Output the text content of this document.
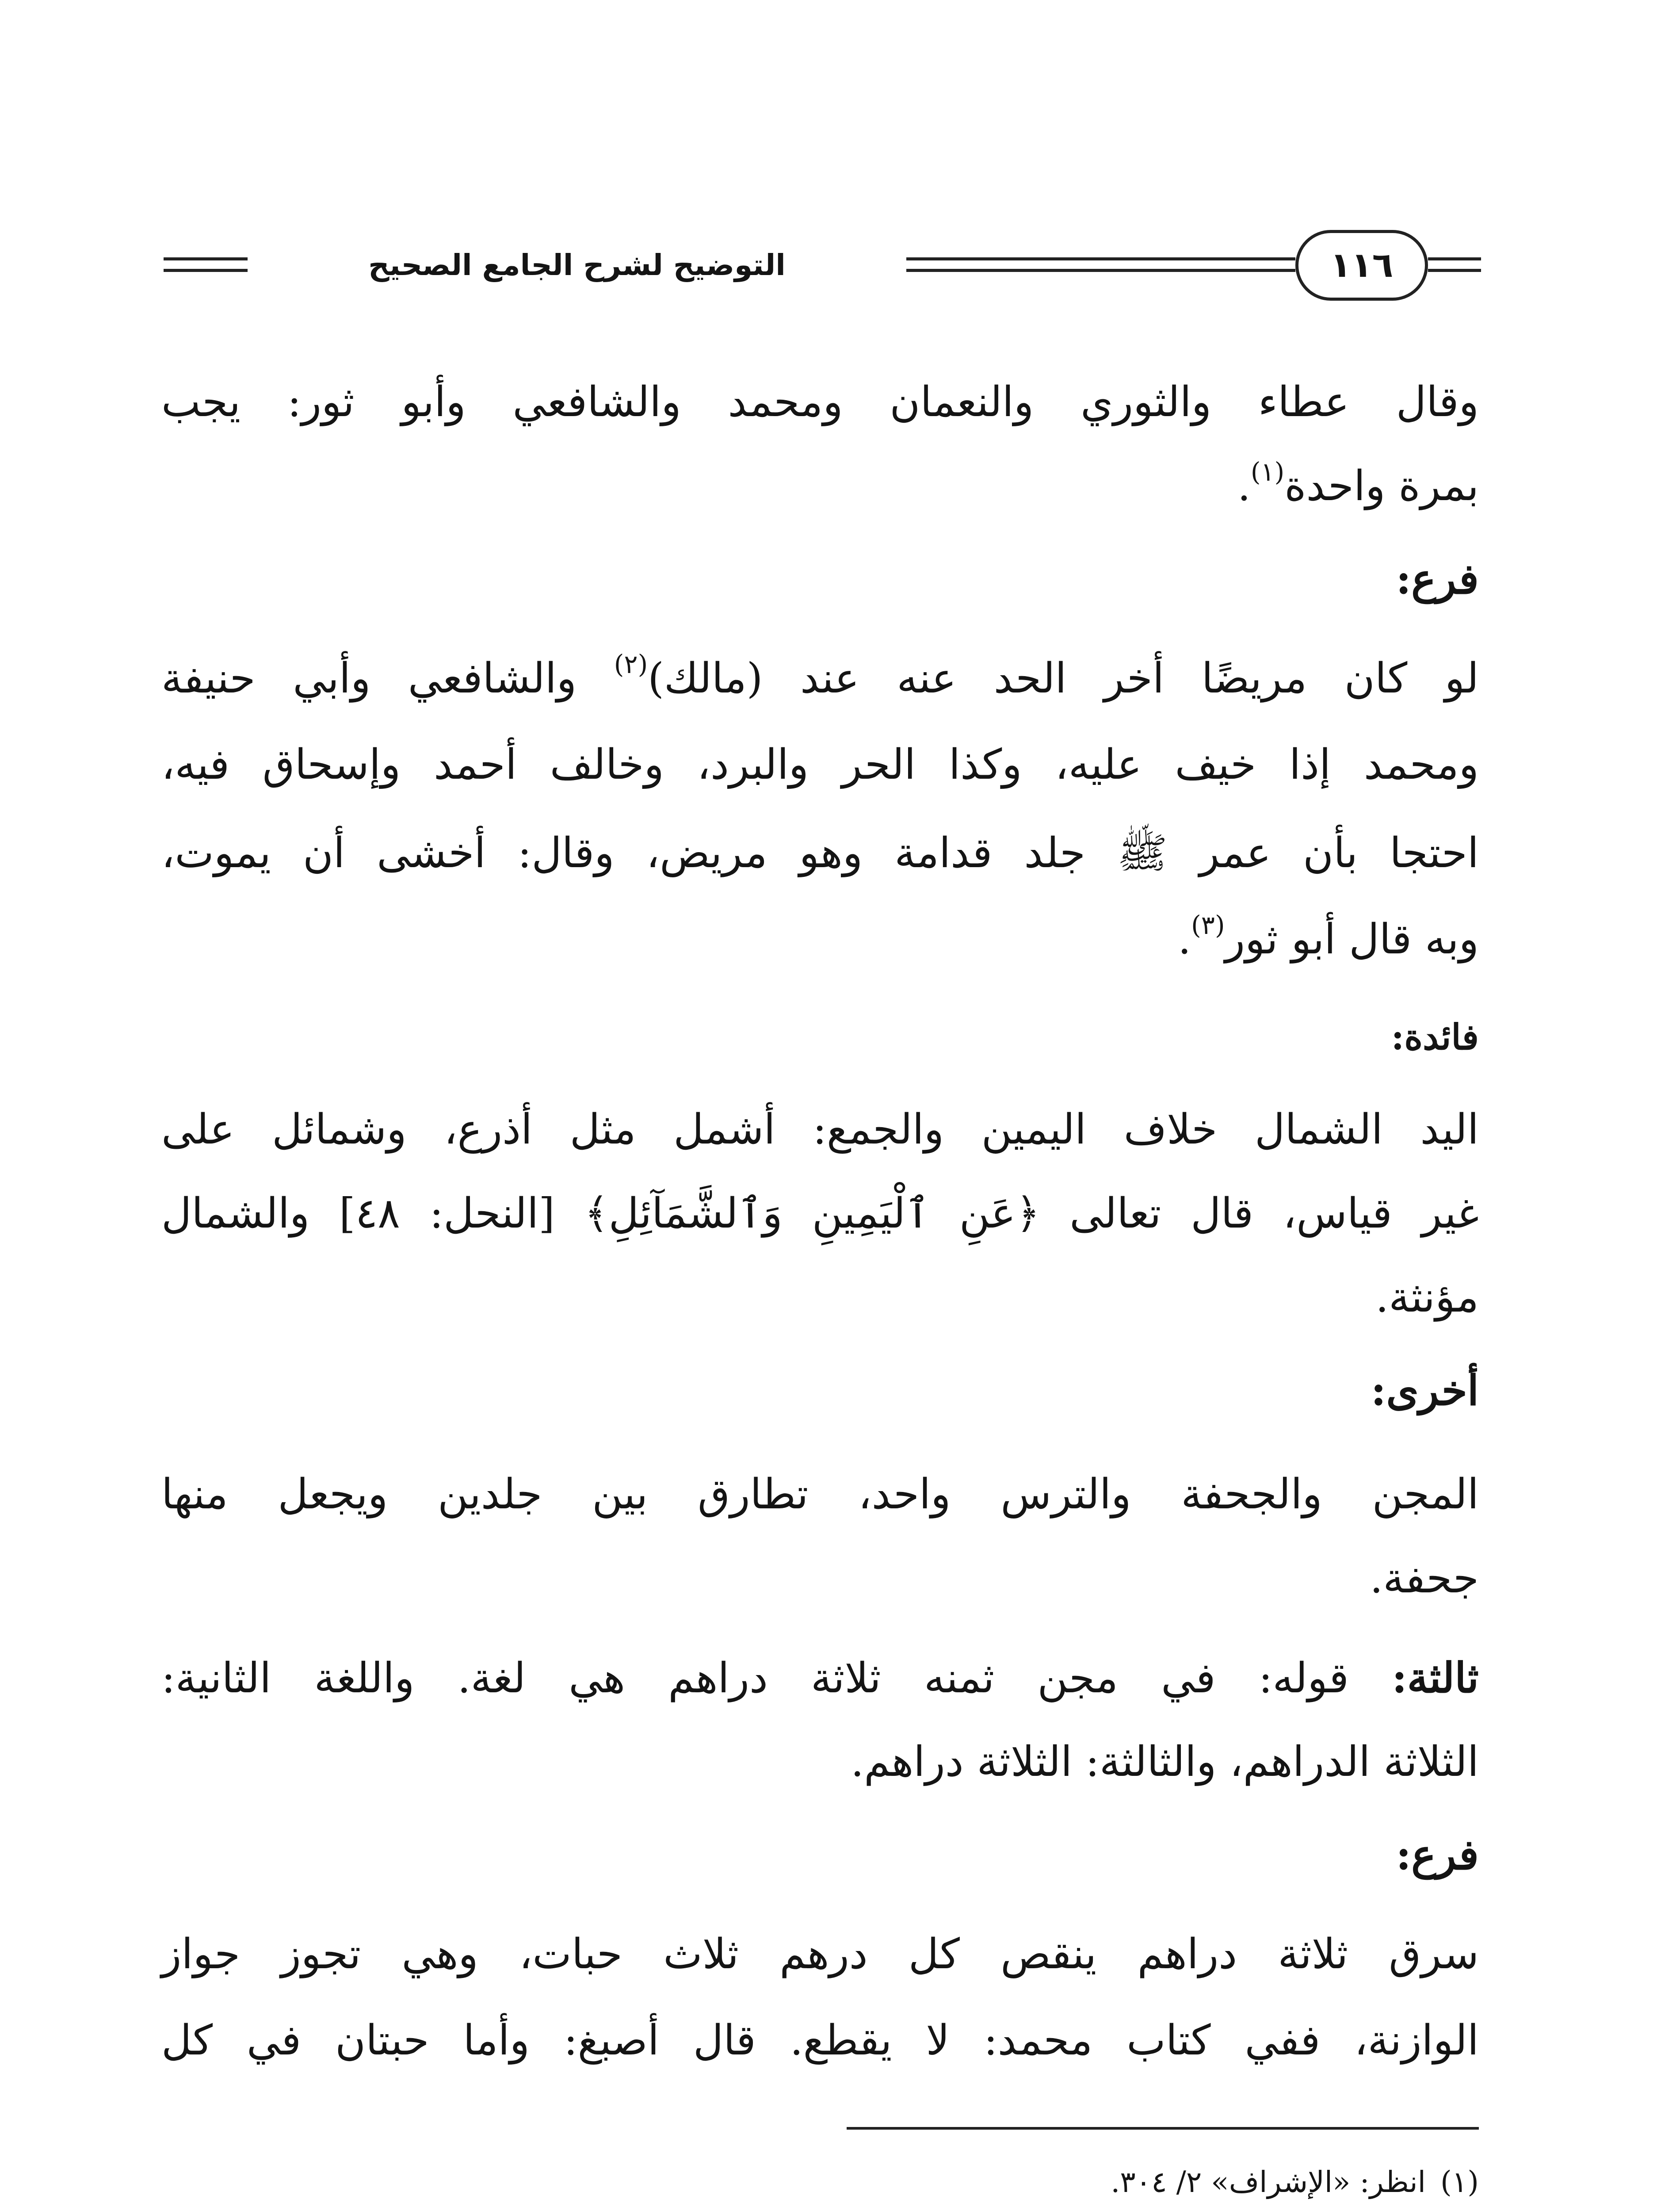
التوضيح لشرح الجامع الصحيح	١١٦
وقال عطاء والثوري والنعمان ومحمد والشافعي وأبو ثور: يجب
بمرة واحدة$^{(١)}$.
فرع:
لو كان مريضًا أخر الحد عنه عند (مالك)$^{(٢)}$ والشافعي وأبي حنيفة
ومحمد إذا خيف عليه، وكذا الحر والبرد، وخالف أحمد وإسحاق فيه،
احتجا بأن عمر ﷺ جلد قدامة وهو مريض، وقال: أخشى أن يموت،
وبه قال أبو ثور$^{(٣)}$.
فائدة:
اليد الشمال خلاف اليمين والجمع: أشمل مثل أذرع، وشمائل على
غير قياس، قال تعالى ﴿عَنِ ٱلْيَمِينِ وَٱلشَّمَآئِلِ﴾ [النحل: ٤٨] والشمال
مؤنثة.
أخرى:
المجن والجحفة والترس واحد، تطارق بين جلدين ويجعل منها
جحفة.
ثالثة: قوله: في مجن ثمنه ثلاثة دراهم هي لغة. واللغة الثانية:
الثلاثة الدراهم، والثالثة: الثلاثة دراهم.
فرع:
سرق ثلاثة دراهم ينقص كل درهم ثلاث حبات، وهي تجوز جواز
الوازنة، ففي كتاب محمد: لا يقطع. قال أصبغ: وأما حبتان في كل
(١)انظر: «الإشراف» ٢/ ٣٠٤.
